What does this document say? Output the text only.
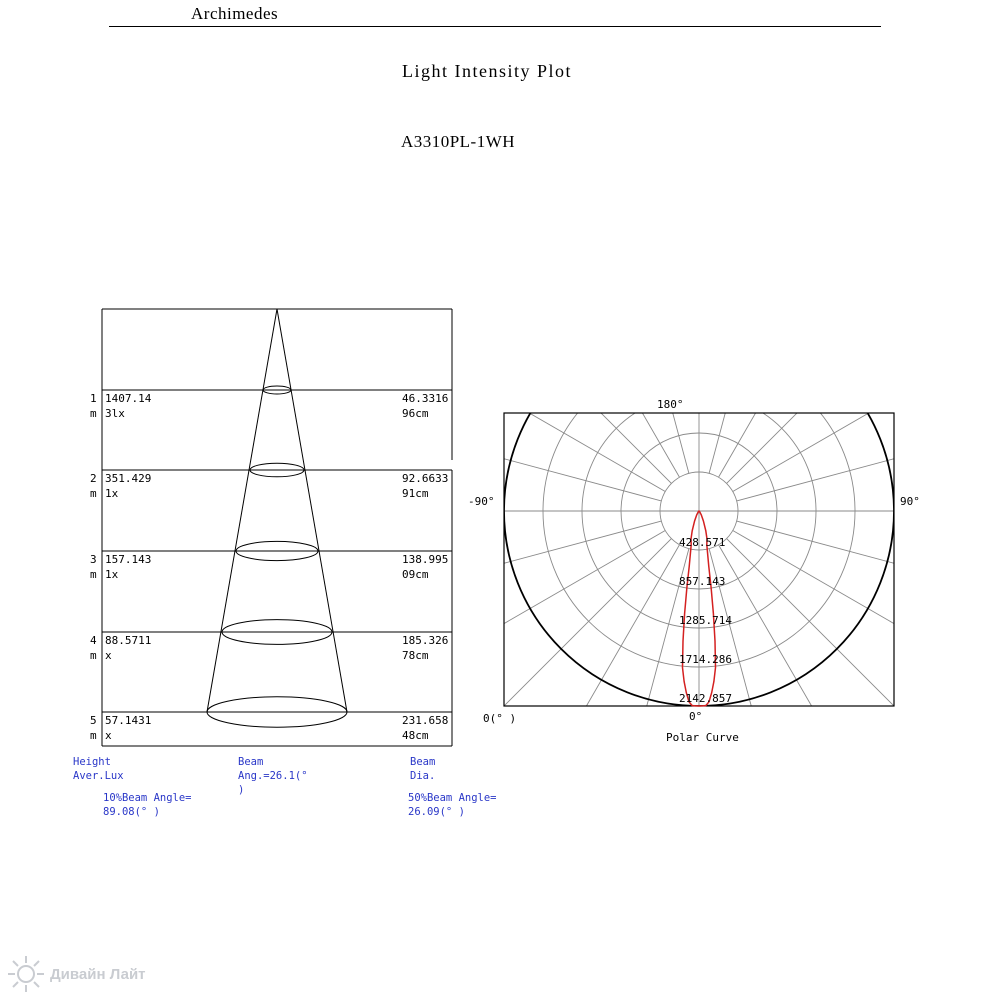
Archimedes
Light Intensity Plot
A3310PL-1WH
1
m
1407.14
3lx
46.3316
96cm
2
m
351.429
1x
92.6633
91cm
3
m
157.143
1x
138.995
09cm
4
m
88.5711
x
185.326
78cm
5
m
57.1431
x
231.658
48cm
428.571
857.143
1285.714
1714.286
2142.857
180°
-90°	90°
0°
0(° )
Polar Curve
Height
Aver.Lux
Beam
Ang.=26.1(°
)
Beam
Dia.
10%Beam Angle=
89.08(° )
50%Beam Angle=
26.09(° )
Дивайн Лайт
